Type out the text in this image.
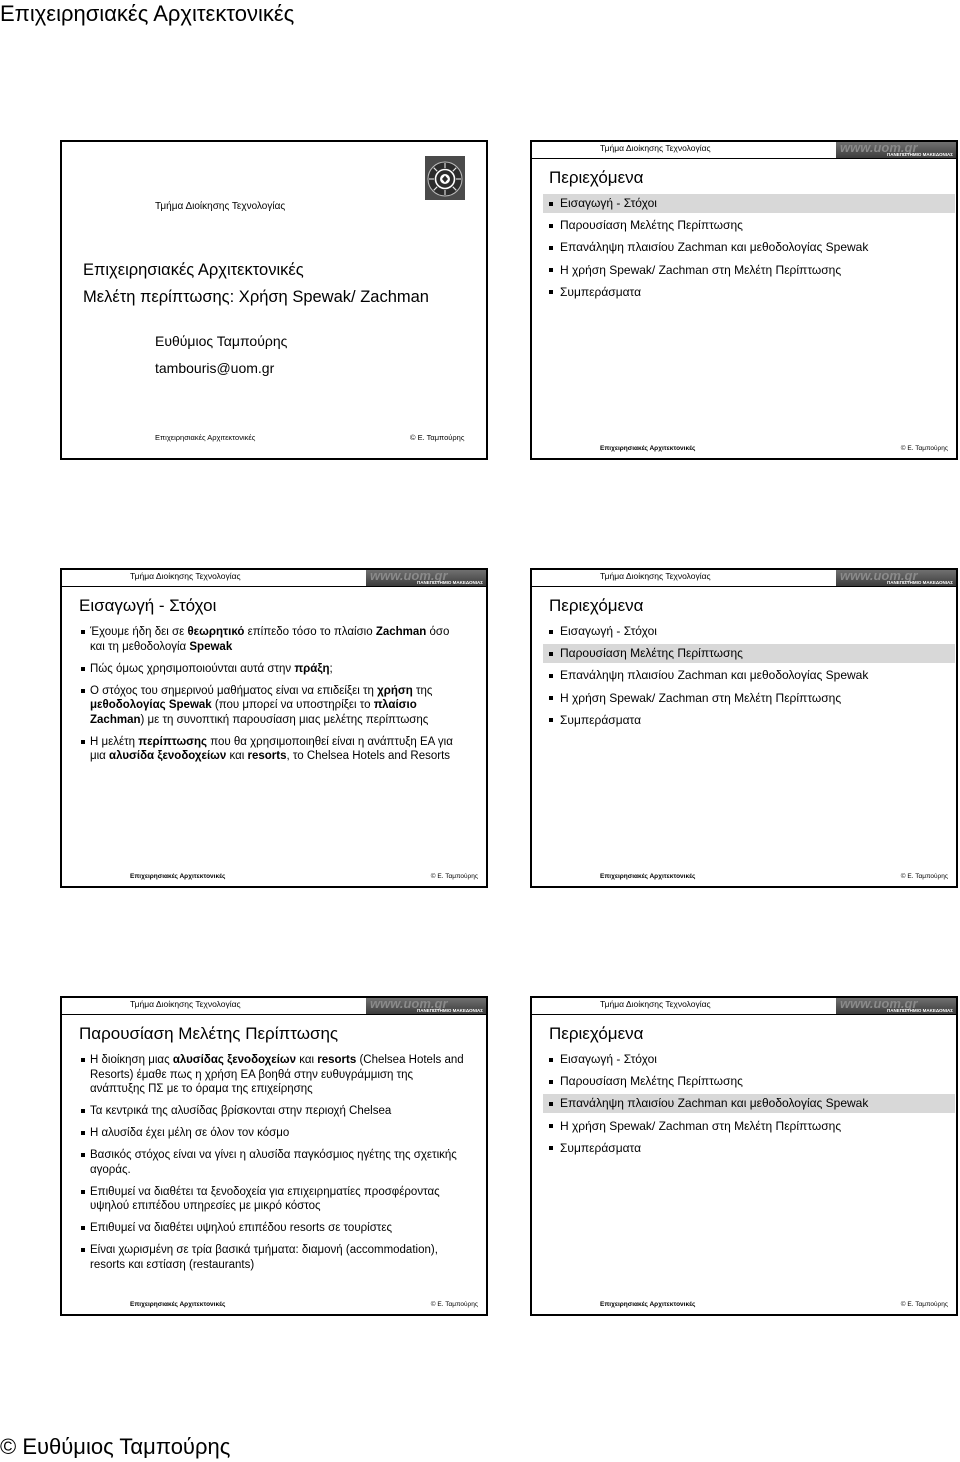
Επιχειρησιακές Αρχιτεκτονικές
Τμήμα Διοίκησης Τεχνολογίας
Επιχειρησιακές Αρχιτεκτονικές
Μελέτη περίπτωσης: Χρήση Spewak/ Zachman
Ευθύμιος Ταμπούρης
tambouris@uom.gr
Επιχειρησιακές Αρχιτεκτονικές	© Ε. Ταμπούρης
Τμήμα Διοίκησης Τεχνολογίας	www.uom.gr
ΠΑΝΕΠΙΣΤΗΜΙΟ ΜΑΚΕΔΟΝΙΑΣ
Περιεχόμενα
Εισαγωγή - Στόχοι
Παρουσίαση Μελέτης Περίπτωσης
Επανάληψη πλαισίου Zachman και μεθοδολογίας Spewak
Η χρήση Spewak/ Zachman στη Μελέτη Περίπτωσης
Συμπεράσματα
Επιχειρησιακές Αρχιτεκτονικές	© Ε. Ταμπούρης
Τμήμα Διοίκησης Τεχνολογίας	www.uom.gr
ΠΑΝΕΠΙΣΤΗΜΙΟ ΜΑΚΕΔΟΝΙΑΣ
Εισαγωγή - Στόχοι
Έχουμε ήδη δει σε θεωρητικό επίπεδο τόσο το πλαίσιο Zachman όσο και τη μεθοδολογία Spewak
Πώς όμως χρησιμοποιούνται αυτά στην πράξη;
Ο στόχος του σημερινού μαθήματος είναι να επιδείξει τη χρήση της μεθοδολογίας Spewak (που μπορεί να υποστηρίξει το πλαίσιο Zachman) με τη συνοπτική παρουσίαση μιας μελέτης περίπτωσης
Η μελέτη περίπτωσης που θα χρησιμοποιηθεί είναι η ανάπτυξη ΕΑ για μια αλυσίδα ξενοδοχείων και resorts, το Chelsea Hotels and Resorts
Επιχειρησιακές Αρχιτεκτονικές	© Ε. Ταμπούρης
Τμήμα Διοίκησης Τεχνολογίας	www.uom.gr
ΠΑΝΕΠΙΣΤΗΜΙΟ ΜΑΚΕΔΟΝΙΑΣ
Περιεχόμενα
Εισαγωγή - Στόχοι
Παρουσίαση Μελέτης Περίπτωσης
Επανάληψη πλαισίου Zachman και μεθοδολογίας Spewak
Η χρήση Spewak/ Zachman στη Μελέτη Περίπτωσης
Συμπεράσματα
Επιχειρησιακές Αρχιτεκτονικές	© Ε. Ταμπούρης
Τμήμα Διοίκησης Τεχνολογίας	www.uom.gr
ΠΑΝΕΠΙΣΤΗΜΙΟ ΜΑΚΕΔΟΝΙΑΣ
Παρουσίαση Μελέτης Περίπτωσης
Η διοίκηση μιας αλυσίδας ξενοδοχείων και resorts (Chelsea Hotels and Resorts) έμαθε πως η χρήση ΕΑ βοηθά στην ευθυγράμμιση της ανάπτυξης ΠΣ με το όραμα της επιχείρησης
Τα κεντρικά της αλυσίδας βρίσκονται στην περιοχή Chelsea
Η αλυσίδα έχει μέλη σε όλον τον κόσμο
Βασικός στόχος είναι να γίνει η αλυσίδα παγκόσμιος ηγέτης της σχετικής αγοράς.
Επιθυμεί να διαθέτει τα ξενοδοχεία για επιχειρηματίες προσφέροντας υψηλού επιπέδου υπηρεσίες με μικρό κόστος
Επιθυμεί να διαθέτει υψηλού επιπέδου resorts σε τουρίστες
Είναι χωρισμένη σε τρία βασικά τμήματα: διαμονή (accommodation), resorts και εστίαση (restaurants)
Επιχειρησιακές Αρχιτεκτονικές	© Ε. Ταμπούρης
Τμήμα Διοίκησης Τεχνολογίας	www.uom.gr
ΠΑΝΕΠΙΣΤΗΜΙΟ ΜΑΚΕΔΟΝΙΑΣ
Περιεχόμενα
Εισαγωγή - Στόχοι
Παρουσίαση Μελέτης Περίπτωσης
Επανάληψη πλαισίου Zachman και μεθοδολογίας Spewak
Η χρήση Spewak/ Zachman στη Μελέτη Περίπτωσης
Συμπεράσματα
Επιχειρησιακές Αρχιτεκτονικές	© Ε. Ταμπούρης
© Ευθύμιος Ταμπούρης
